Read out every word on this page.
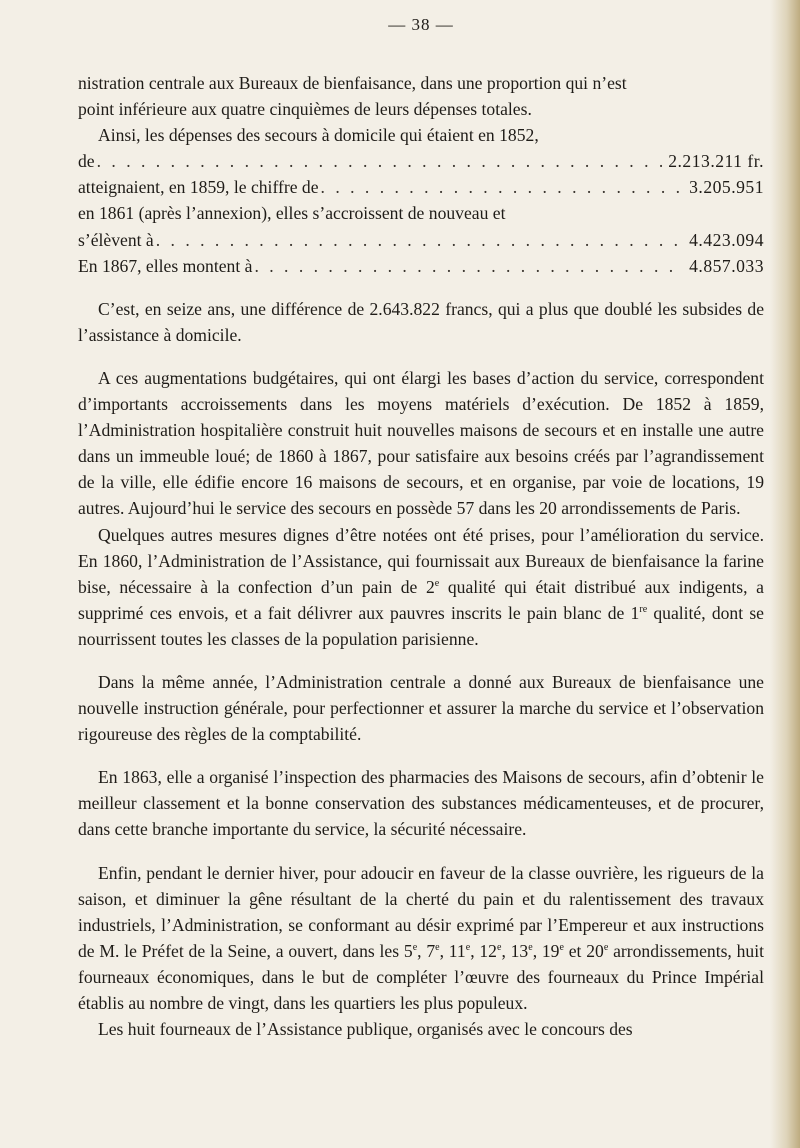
— 38 —

nistration centrale aux Bureaux de bienfaisance, dans une proportion qui n’est

point inférieure aux quatre cinquièmes de leurs dépenses totales.

Ainsi, les dépenses des secours à domicile qui étaient en 1852,

de . . .	2.213.211 fr.
atteignaient, en 1859, le chiffre de . . .	3.205.951

en 1861 (après l’annexion), elles s’accroissent de nouveau et

s’élèvent à . . .	4.423.094
En 1867, elles montent à . . .	4.857.033

C’est, en seize ans, une différence de 2.643.822 francs, qui a plus que doublé les subsides de l’assistance à domicile.

A ces augmentations budgétaires, qui ont élargi les bases d’action du service, correspondent d’importants accroissements dans les moyens matériels d’exécution. De 1852 à 1859, l’Administration hospitalière construit huit nouvelles maisons de secours et en installe une autre dans un immeuble loué; de 1860 à 1867, pour satisfaire aux besoins créés par l’agrandissement de la ville, elle édifie encore 16 maisons de secours, et en organise, par voie de locations, 19 autres. Aujourd’hui le service des secours en possède 57 dans les 20 arrondissements de Paris.

Quelques autres mesures dignes d’être notées ont été prises, pour l’amélioration du service. En 1860, l’Administration de l’Assistance, qui fournissait aux Bureaux de bienfaisance la farine bise, nécessaire à la confection d’un pain de 2e qualité qui était distribué aux indigents, a supprimé ces envois, et a fait délivrer aux pauvres inscrits le pain blanc de 1re qualité, dont se nourrissent toutes les classes de la population parisienne.

Dans la même année, l’Administration centrale a donné aux Bureaux de bienfaisance une nouvelle instruction générale, pour perfectionner et assurer la marche du service et l’observation rigoureuse des règles de la comptabilité.

En 1863, elle a organisé l’inspection des pharmacies des Maisons de secours, afin d’obtenir le meilleur classement et la bonne conservation des substances médicamenteuses, et de procurer, dans cette branche importante du service, la sécurité nécessaire.

Enfin, pendant le dernier hiver, pour adoucir en faveur de la classe ouvrière, les rigueurs de la saison, et diminuer la gêne résultant de la cherté du pain et du ralentissement des travaux industriels, l’Administration, se conformant au désir exprimé par l’Empereur et aux instructions de M. le Préfet de la Seine, a ouvert, dans les 5e, 7e, 11e, 12e, 13e, 19e et 20e arrondissements, huit fourneaux économiques, dans le but de compléter l’œuvre des fourneaux du Prince Impérial établis au nombre de vingt, dans les quartiers les plus populeux.

Les huit fourneaux de l’Assistance publique, organisés avec le concours des
